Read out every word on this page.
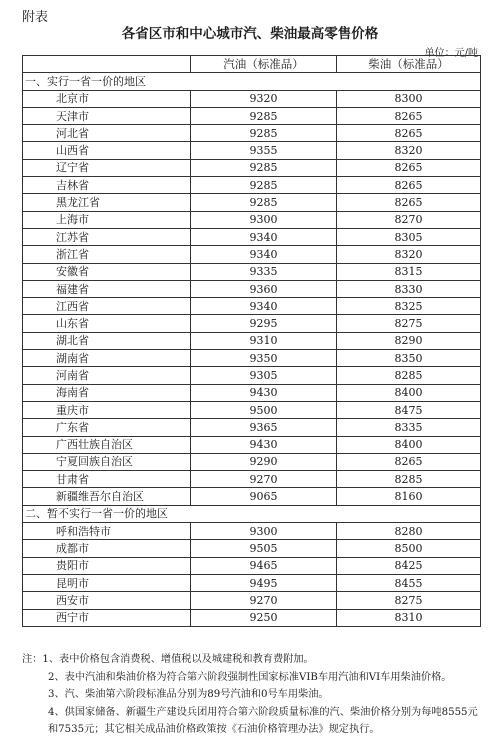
附表
各省区市和中心城市汽、柴油最高零售价格
单位：元/吨
	汽油（标准品）	柴油（标准品）
一、实行一省一价的地区		
北京市	9320	8300
天津市	9285	8265
河北省	9285	8265
山西省	9355	8320
辽宁省	9285	8265
吉林省	9285	8265
黑龙江省	9285	8265
上海市	9300	8270
江苏省	9340	8305
浙江省	9340	8320
安徽省	9335	8315
福建省	9360	8330
江西省	9340	8325
山东省	9295	8275
湖北省	9310	8290
湖南省	9350	8350
河南省	9305	8285
海南省	9430	8400
重庆市	9500	8475
广东省	9365	8335
广西壮族自治区	9430	8400
宁夏回族自治区	9290	8265
甘肃省	9270	8285
新疆维吾尔自治区	9065	8160
二、暂不实行一省一价的地区		
呼和浩特市	9300	8280
成都市	9505	8500
贵阳市	9465	8425
昆明市	9495	8455
西安市	9270	8275
西宁市	9250	8310

注：1、表中价格包含消费税、增值税以及城建税和教育费附加。

2、表中汽油和柴油价格为符合第六阶段强制性国家标准VIB车用汽油和VI车用柴油价格。

3、汽、柴油第六阶段标准品分别为89号汽油和0号车用柴油。

4、供国家储备、新疆生产建设兵团用符合第六阶段质量标准的汽、柴油价格分别为每吨8555元和7535元；其它相关成品油价格政策按《石油价格管理办法》规定执行。
